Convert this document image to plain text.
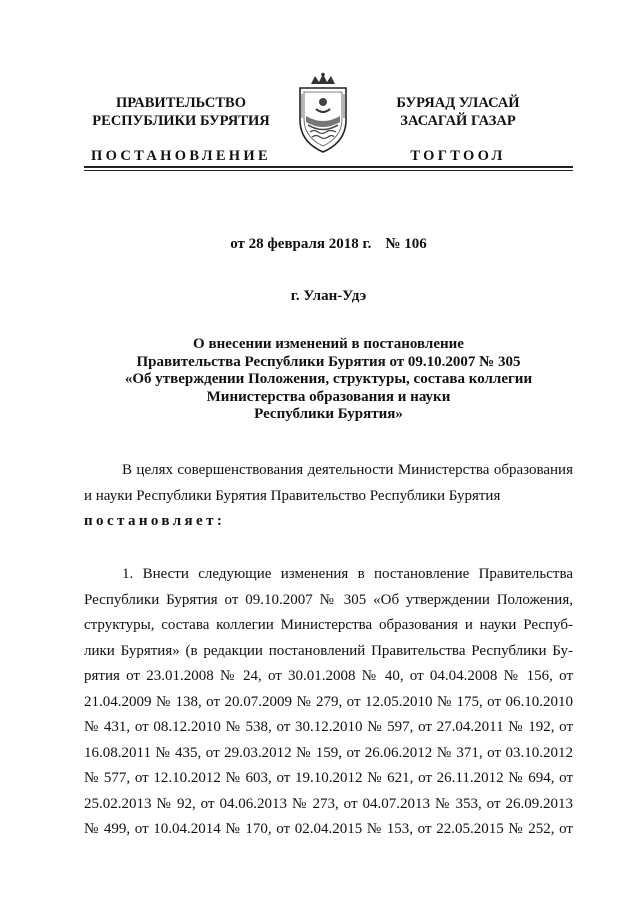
ПРАВИТЕЛЬСТВО
РЕСПУБЛИКИ БУРЯТИЯ
ПОСТАНОВЛЕНИЕ
БУРЯАД УЛАСАЙ
ЗАСАГАЙ ГАЗАР
ТОГТООЛ
от 28 февраля 2018 г. № 106
г. Улан-Удэ
О внесении изменений в постановление
Правительства Республики Бурятия от 09.10.2007 № 305
«Об утверждении Положения, структуры, состава коллегии
Министерства образования и науки
Республики Бурятия»
В целях совершенствования деятельности Министерства образования и науки Республики Бурятия Правительство Республики Бурятия
постановляет:
1. Внести следующие изменения в постановление Правительства
Республики Бурятия от 09.10.2007 № 305 «Об утверждении Положения,
структуры, состава коллегии Министерства образования и науки Респуб-
лики Бурятия» (в редакции постановлений Правительства Республики Бу-
рятия от 23.01.2008 № 24, от 30.01.2008 № 40, от 04.04.2008 № 156, от
21.04.2009 № 138, от 20.07.2009 № 279, от 12.05.2010 № 175, от 06.10.2010
№ 431, от 08.12.2010 № 538, от 30.12.2010 № 597, от 27.04.2011 № 192, от
16.08.2011 № 435, от 29.03.2012 № 159, от 26.06.2012 № 371, от 03.10.2012
№ 577, от 12.10.2012 № 603, от 19.10.2012 № 621, от 26.11.2012 № 694, от
25.02.2013 № 92, от 04.06.2013 № 273, от 04.07.2013 № 353, от 26.09.2013
№ 499, от 10.04.2014 № 170, от 02.04.2015 № 153, от 22.05.2015 № 252, от
